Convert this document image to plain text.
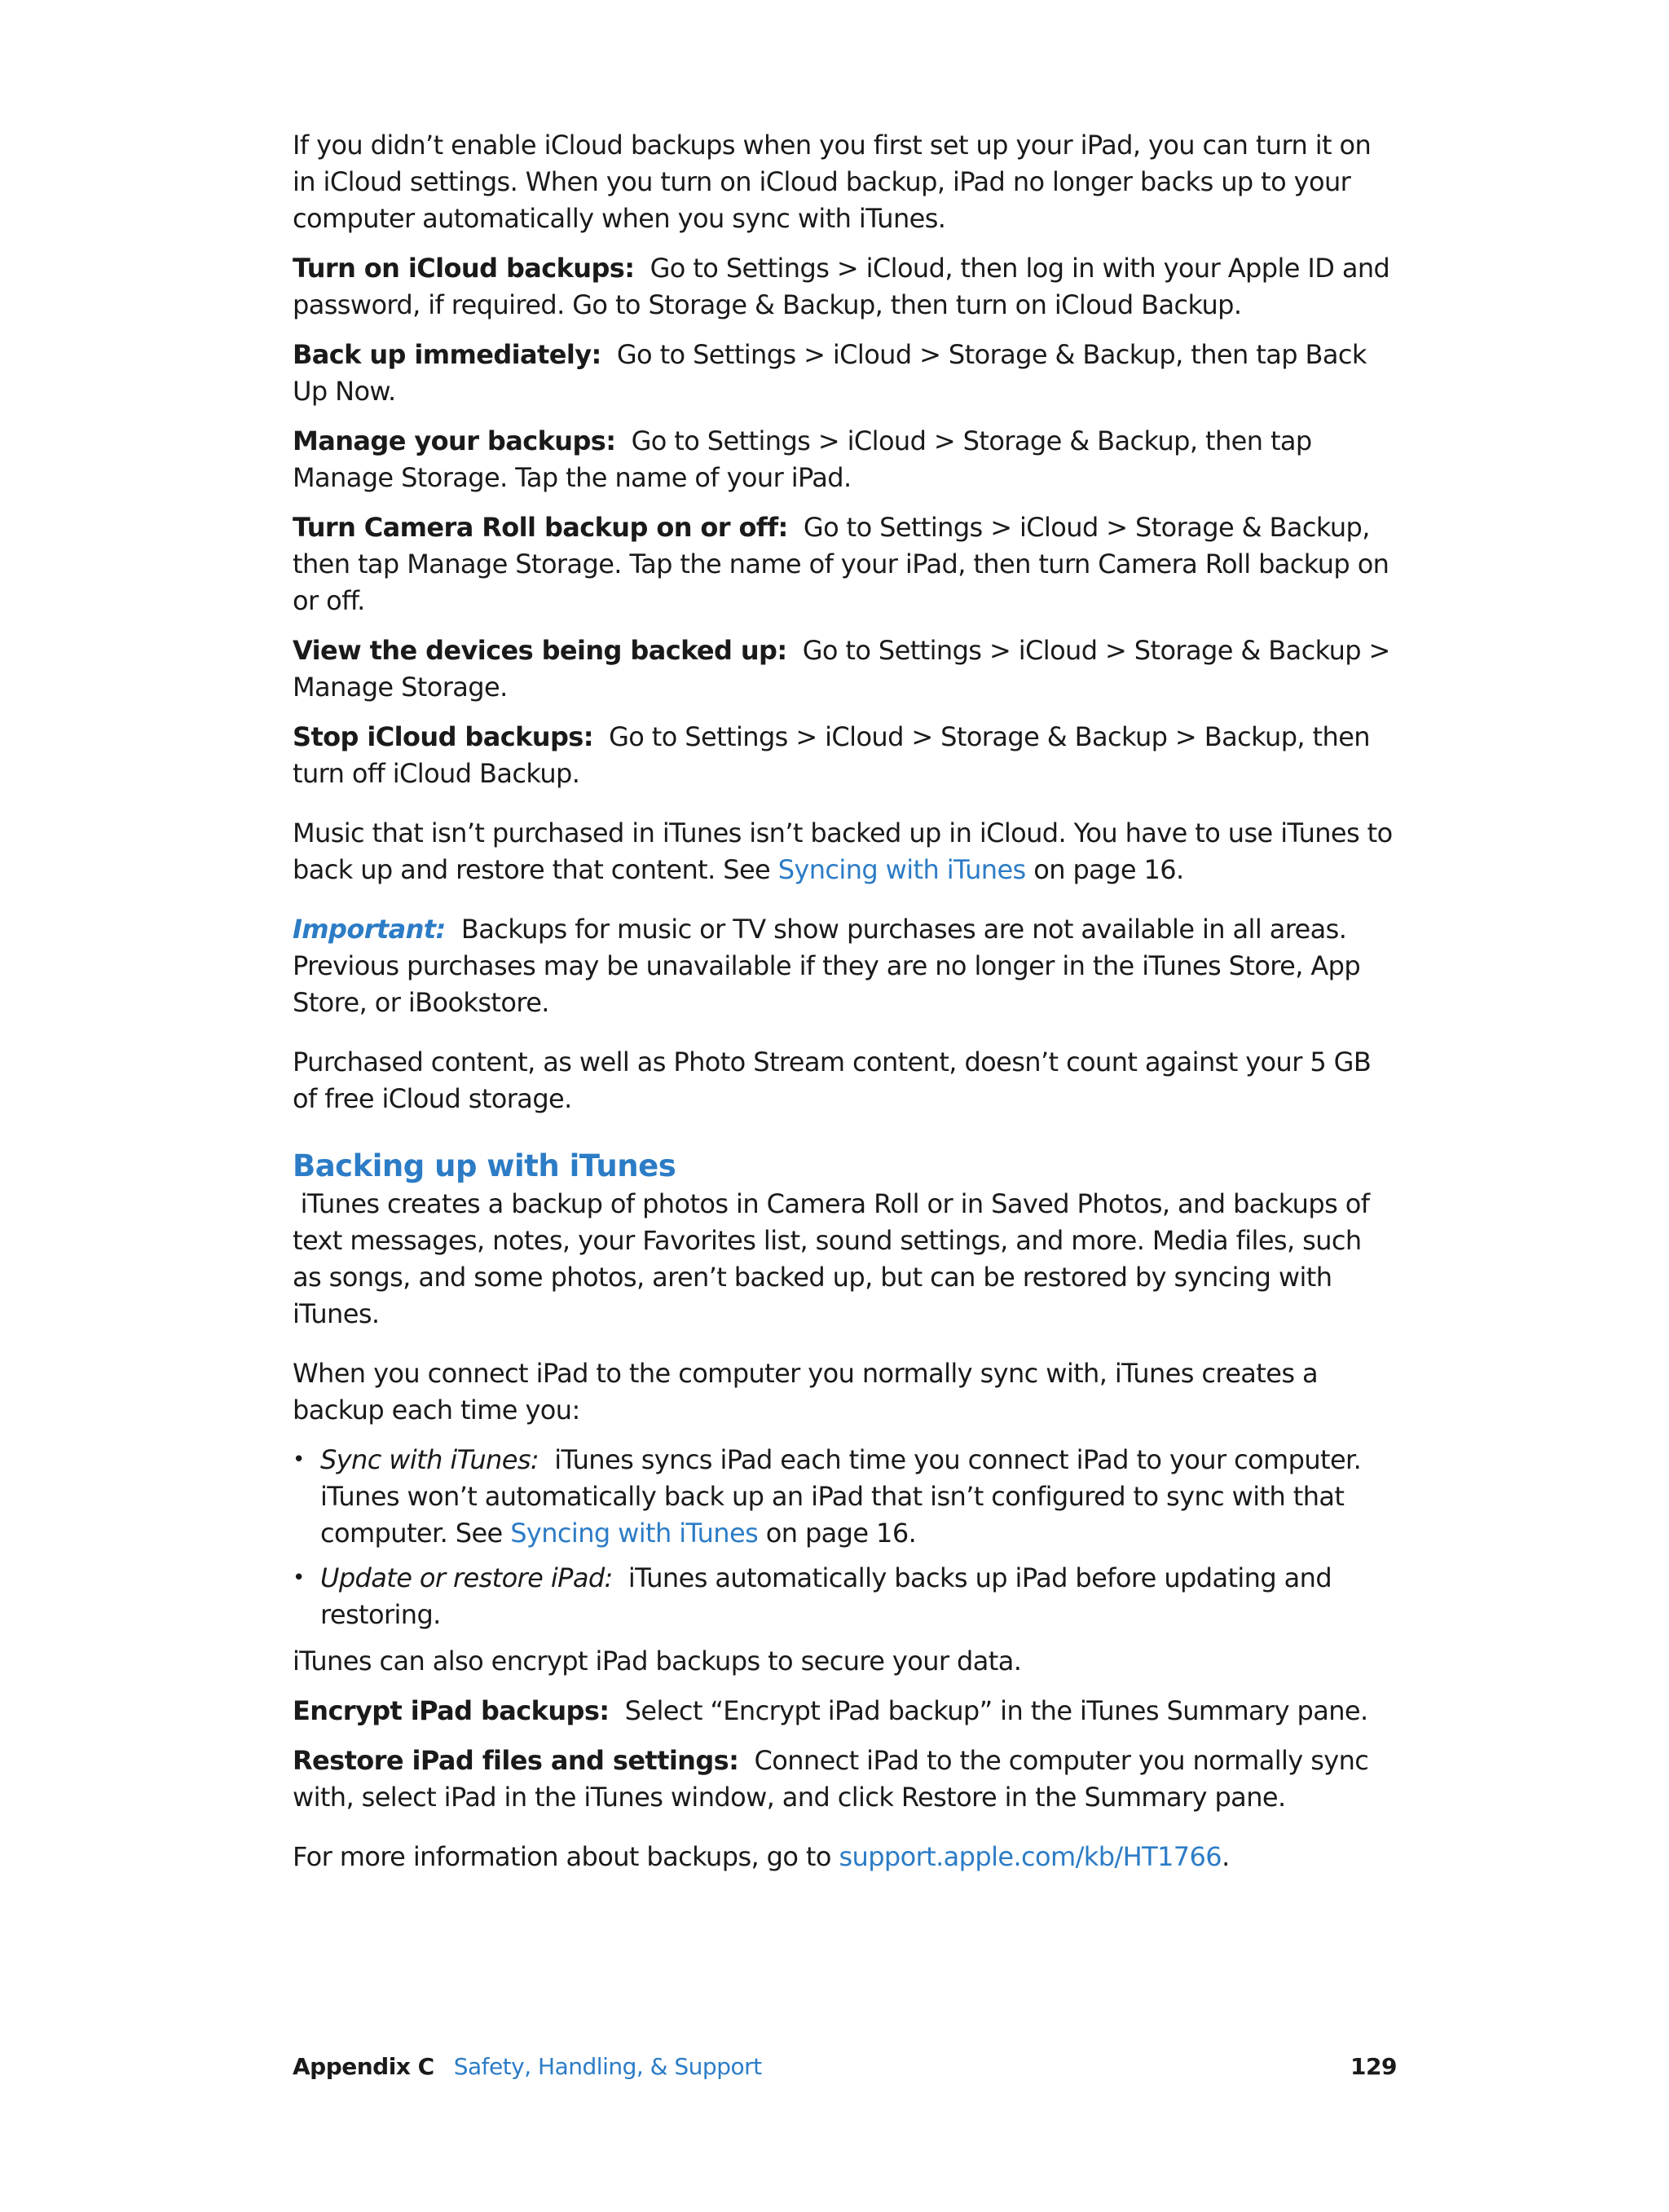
If you didn’t enable iCloud backups when you first set up your iPad, you can turn it on in iCloud settings. When you turn on iCloud backup, iPad no longer backs up to your computer automatically when you sync with iTunes.

Turn on iCloud backups: Go to Settings > iCloud, then log in with your Apple ID and password, if required. Go to Storage & Backup, then turn on iCloud Backup.

Back up immediately: Go to Settings > iCloud > Storage & Backup, then tap Back Up Now.

Manage your backups: Go to Settings > iCloud > Storage & Backup, then tap Manage Storage. Tap the name of your iPad.

Turn Camera Roll backup on or off: Go to Settings > iCloud > Storage & Backup, then tap Manage Storage. Tap the name of your iPad, then turn Camera Roll backup on or off.

View the devices being backed up: Go to Settings > iCloud > Storage & Backup > Manage Storage.

Stop iCloud backups: Go to Settings > iCloud > Storage & Backup > Backup, then turn off iCloud Backup.

Music that isn’t purchased in iTunes isn’t backed up in iCloud. You have to use iTunes to back up and restore that content. See Syncing with iTunes on page 16.

Important: Backups for music or TV show purchases are not available in all areas. Previous purchases may be unavailable if they are no longer in the iTunes Store, App Store, or iBookstore.

Purchased content, as well as Photo Stream content, doesn’t count against your 5 GB of free iCloud storage.

Backing up with iTunes

iTunes creates a backup of photos in Camera Roll or in Saved Photos, and backups of text messages, notes, your Favorites list, sound settings, and more. Media files, such as songs, and some photos, aren’t backed up, but can be restored by syncing with iTunes.

When you connect iPad to the computer you normally sync with, iTunes creates a backup each time you:

• Sync with iTunes: iTunes syncs iPad each time you connect iPad to your computer. iTunes won’t automatically back up an iPad that isn’t configured to sync with that computer. See Syncing with iTunes on page 16.
• Update or restore iPad: iTunes automatically backs up iPad before updating and restoring.

iTunes can also encrypt iPad backups to secure your data.

Encrypt iPad backups: Select “Encrypt iPad backup” in the iTunes Summary pane.

Restore iPad files and settings: Connect iPad to the computer you normally sync with, select iPad in the iTunes window, and click Restore in the Summary pane.

For more information about backups, go to support.apple.com/kb/HT1766.

Appendix C Safety, Handling, & Support	129
